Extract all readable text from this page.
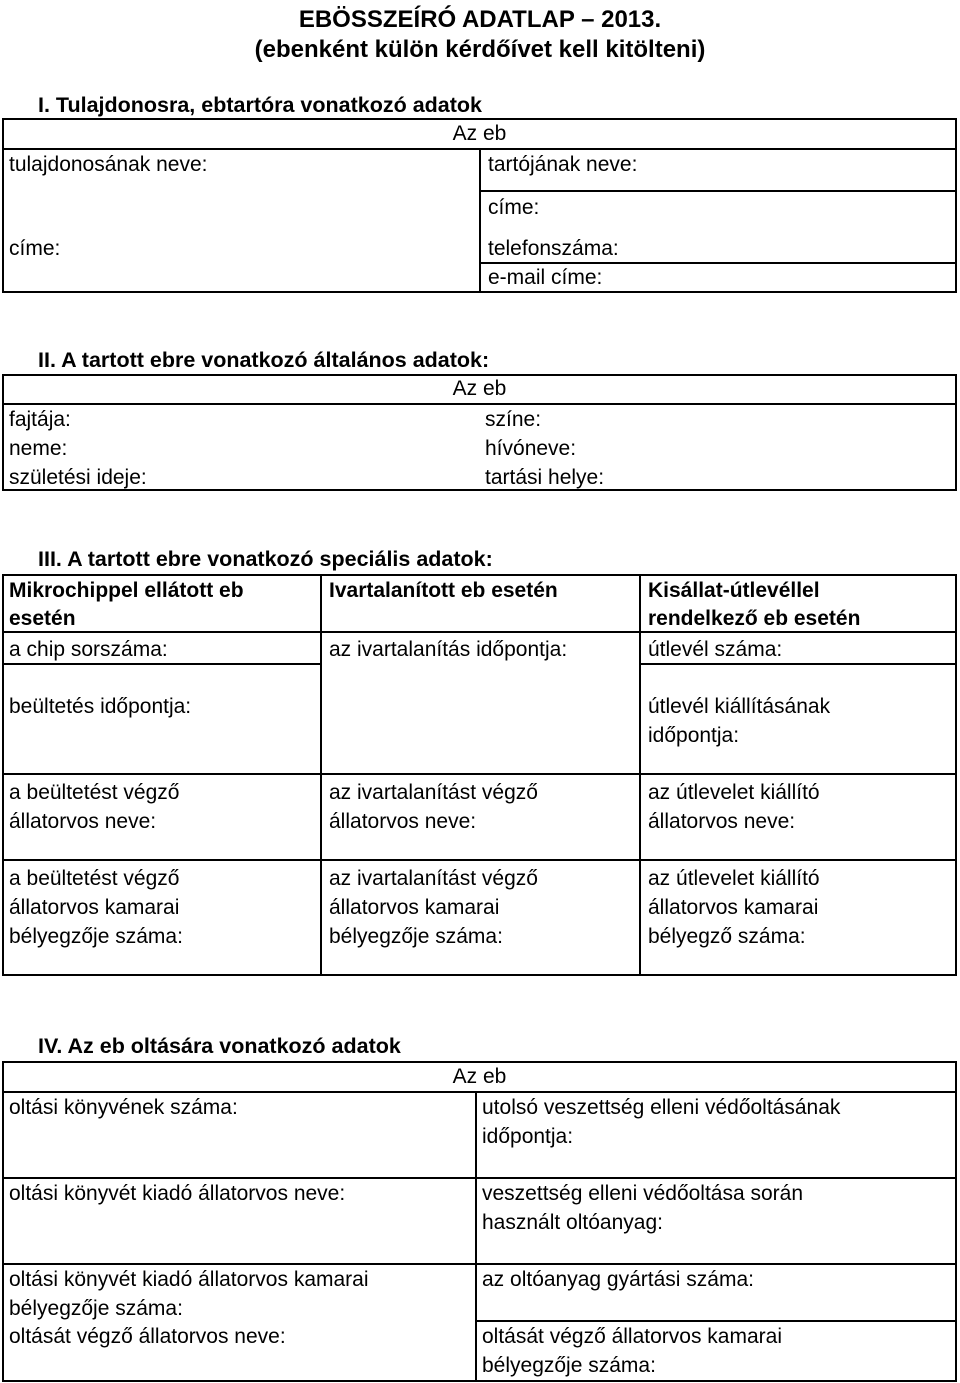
EBÖSSZEÍRÓ ADATLAP – 2013.
(ebenként külön kérdőívet kell kitölteni)
I. Tulajdonosra, ebtartóra vonatkozó adatok
Az eb
tulajdonosának neve:
címe:
tartójának neve:
címe:
telefonszáma:
e-mail címe:
II. A tartott ebre vonatkozó általános adatok:
Az eb
fajtája:
neme:
születési ideje:
színe:
hívóneve:
tartási helye:
III. A tartott ebre vonatkozó speciális adatok:
Mikrochippel ellátott eb
esetén
a chip sorszáma:
beültetés időpontja:
a beültetést végző
állatorvos neve:
a beültetést végző
állatorvos kamarai
bélyegzője száma:
Ivartalanított eb esetén
az ivartalanítás időpontja:
az ivartalanítást végző
állatorvos neve:
az ivartalanítást végző
állatorvos kamarai
bélyegzője száma:
Kisállat-útlevéllel
rendelkező eb esetén
útlevél száma:
útlevél kiállításának
időpontja:
az útlevelet kiállító
állatorvos neve:
az útlevelet kiállító
állatorvos kamarai
bélyegző száma:
IV. Az eb oltására vonatkozó adatok
Az eb
oltási könyvének száma:
oltási könyvét kiadó állatorvos neve:
oltási könyvét kiadó állatorvos kamarai
bélyegzője száma:
oltását végző állatorvos neve:
utolsó veszettség elleni védőoltásának
időpontja:
veszettség elleni védőoltása során
használt oltóanyag:
az oltóanyag gyártási száma:
oltását végző állatorvos kamarai
bélyegzője száma:
